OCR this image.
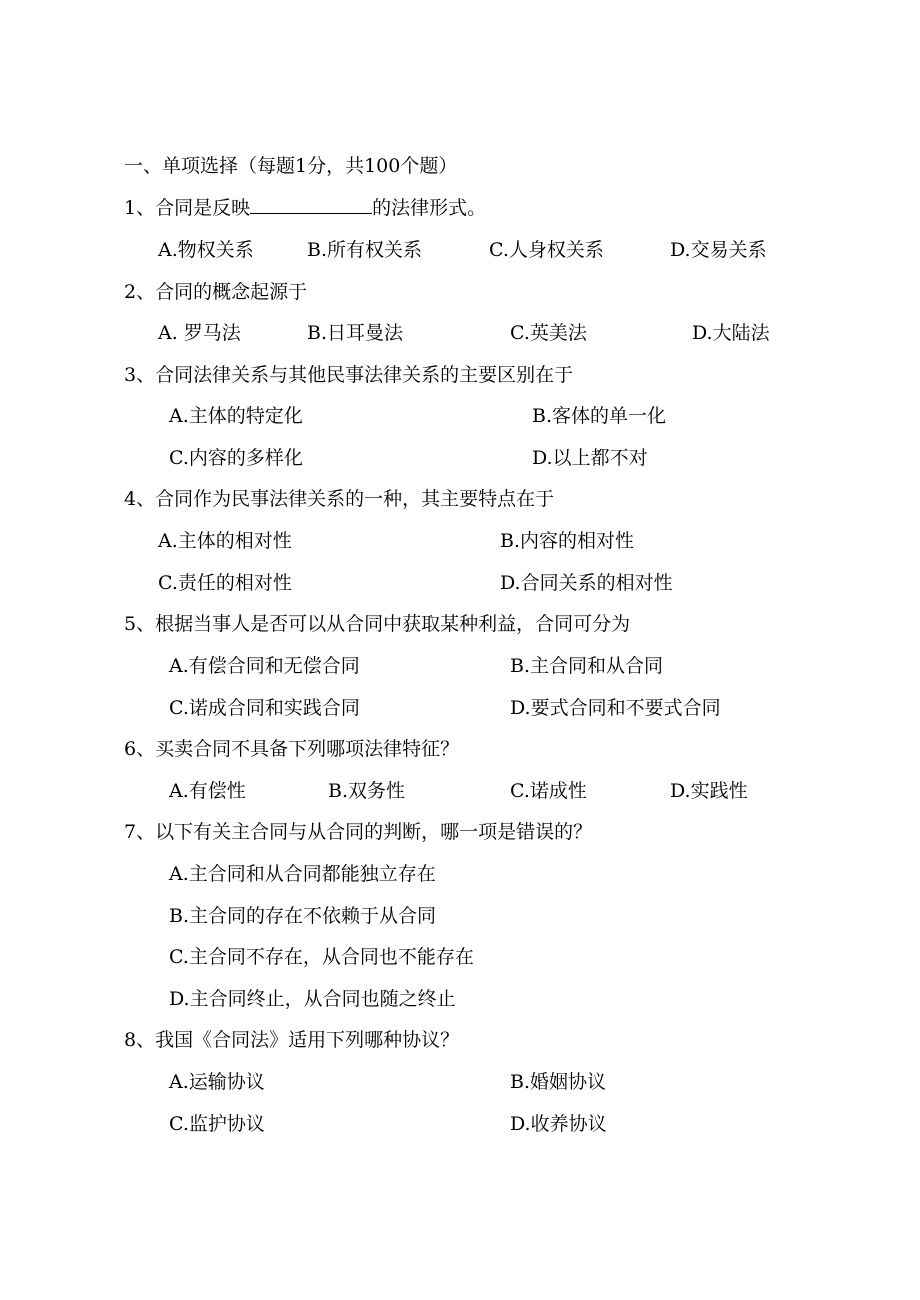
一、单项选择（每题1分，共100个题）
1、合同是反映	的法律形式。
A.物权关系	B.所有权关系	C.人身权关系	D.交易关系
2、合同的概念起源于
A. 罗马法	B.日耳曼法	C.英美法	D.大陆法
3、合同法律关系与其他民事法律关系的主要区别在于
A.主体的特定化	B.客体的单一化
C.内容的多样化	D.以上都不对
4、合同作为民事法律关系的一种，其主要特点在于
A.主体的相对性	B.内容的相对性
C.责任的相对性	D.合同关系的相对性
5、根据当事人是否可以从合同中获取某种利益，合同可分为
A.有偿合同和无偿合同	B.主合同和从合同
C.诺成合同和实践合同	D.要式合同和不要式合同
6、买卖合同不具备下列哪项法律特征？
A.有偿性	B.双务性	C.诺成性	D.实践性
7、以下有关主合同与从合同的判断，哪一项是错误的？
A.主合同和从合同都能独立存在
B.主合同的存在不依赖于从合同
C.主合同不存在，从合同也不能存在
D.主合同终止，从合同也随之终止
8、我国《合同法》适用下列哪种协议？
A.运输协议	B.婚姻协议
C.监护协议	D.收养协议
